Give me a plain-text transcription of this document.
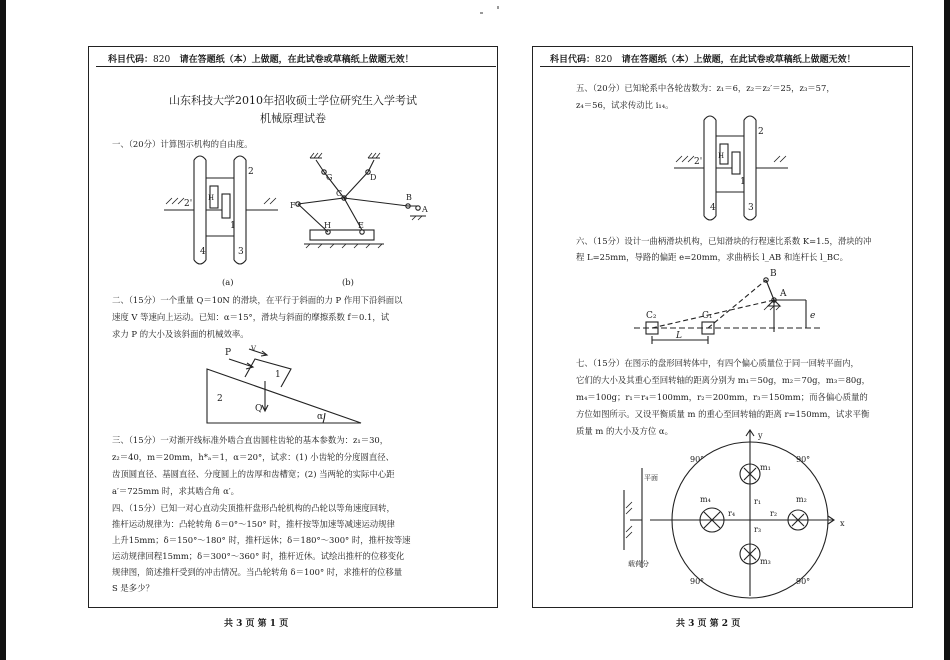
科目代码：820 请在答题纸（本）上做题，在此试卷或草稿纸上做题无效！
山东科技大学2010年招收硕士学位研究生入学考试
机械原理试卷
一、（20分）计算图示机构的自由度。
2
2'
H
1
4	3
(a)
G	D
C	B
F	A
H	E
(b)
二、（15分）一个重量 Q＝10N 的滑块，在平行于斜面的力 P 作用下沿斜面以
速度 V 等速向上运动。已知：α＝15°，滑块与斜面的摩擦系数 f＝0.1，试
求力 P 的大小及该斜面的机械效率。
P	V
1
2
Q
α
三、（15分）一对渐开线标准外啮合直齿圆柱齿轮的基本参数为：z₁＝30，
z₂＝40，m＝20mm，h*ₐ＝1，α＝20°，试求：(1) 小齿轮的分度圆直径、
齿顶圆直径、基圆直径、分度圆上的齿厚和齿槽宽；(2) 当两轮的实际中心距
a′＝725mm 时，求其啮合角 α′。
四、（15分）已知一对心直动尖顶推杆盘形凸轮机构的凸轮以等角速度回转，
推杆运动规律为：凸轮转角 δ＝0°～150° 时，推杆按等加速等减速运动规律
上升15mm；δ＝150°～180° 时，推杆远休；δ＝180°～300° 时，推杆按等速
运动规律回程15mm；δ＝300°～360° 时，推杆近休。试绘出推杆的位移变化
规律图，简述推杆受到的冲击情况。当凸轮转角 δ＝100° 时，求推杆的位移量
S 是多少？
共 3 页 第 1 页
科目代码：820 请在答题纸（本）上做题，在此试卷或草稿纸上做题无效！
五、（20分）已知轮系中各轮齿数为：z₁＝6，z₂＝z₂′＝25，z₃＝57，
z₄＝56，试求传动比 i₁₄。
2
2'
H
1
4	3
六、（15分）设计一曲柄滑块机构，已知滑块的行程速比系数 K=1.5，滑块的冲
程 L=25mm，导路的偏距 e=20mm，求曲柄长 l_AB 和连杆长 l_BC。
B
A
C₂	C₁
L
e
七、（15分）在图示的盘形回转体中，有四个偏心质量位于同一回转平面内，
它们的大小及其重心至回转轴的距离分别为 m₁＝50g，m₂＝70g，m₃＝80g，
m₄＝100g；r₁＝r₄＝100mm，r₂＝200mm，r₃＝150mm；而各偏心质量的
方位如图所示。又设平衡质量 m 的重心至回转轴的距离 r=150mm，试求平衡
质量 m 的大小及方位 α。	y
x
90°	90°
90°	90°
m₁
m₂
m₃
m₄	r₁
r₂
r₃
r₄
平面
载荷分
共 3 页 第 2 页
